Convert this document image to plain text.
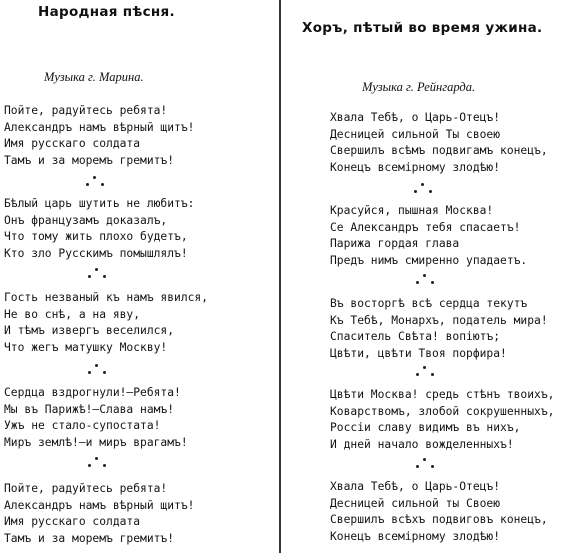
Народная пѣсня.

Музыка г. Марина.

Пойте, радуйтесь ребята!
Александръ намъ вѣрный щитъ!
Имя русскаго солдата
Тамъ и за моремъ гремитъ!
Бѣлый царь шутить не любитъ:
Онъ французамъ доказалъ,
Что тому жить плохо будетъ,
Кто зло Русскимъ помышлялъ!
Гость незваный къ намъ явился,
Не во снѣ, а на яву,
И тѣмъ извергъ веселился,
Что жегъ матушку Москву!
Сердца вздрогнули!—Ребята!
Мы въ Парижѣ!—Слава намъ!
Ужъ не стало-супостата!
Миръ землѣ!—и миръ врагамъ!
Пойте, радуйтесь ребята!
Александръ намъ вѣрный щитъ!
Имя русскаго солдата
Тамъ и за моремъ гремитъ!
Хоръ, пѣтый во время ужина.

Музыка г. Рейнгарда.

Хвала Тебѣ, о Царь-Отецъ!
Десницей сильной Ты своею
Свершилъ всѣмъ подвигамъ конецъ,
Конецъ всемірному злодѣю!
Красуйся, пышная Москва!
Се Александръ тебя спасаетъ!
Парижа гордая глава
Предъ нимъ смиренно упадаетъ.
Въ восторгѣ всѣ сердца текутъ
Къ Тебѣ, Монархъ, податель мира!
Спаситель Свѣта! вопіютъ;
Цвѣти, цвѣти Твоя порфира!
Цвѣти Москва! средь стѣнъ твоихъ,
Коварствомъ, злобой сокрушенныхъ,
Россіи славу видимъ въ нихъ,
И дней начало вожделенныхъ!
Хвала Тебѣ, о Царь-Отецъ!
Десницей сильной ты Своею
Свершилъ всѣхъ подвиговъ конецъ,
Конецъ всемірному злодѣю!
